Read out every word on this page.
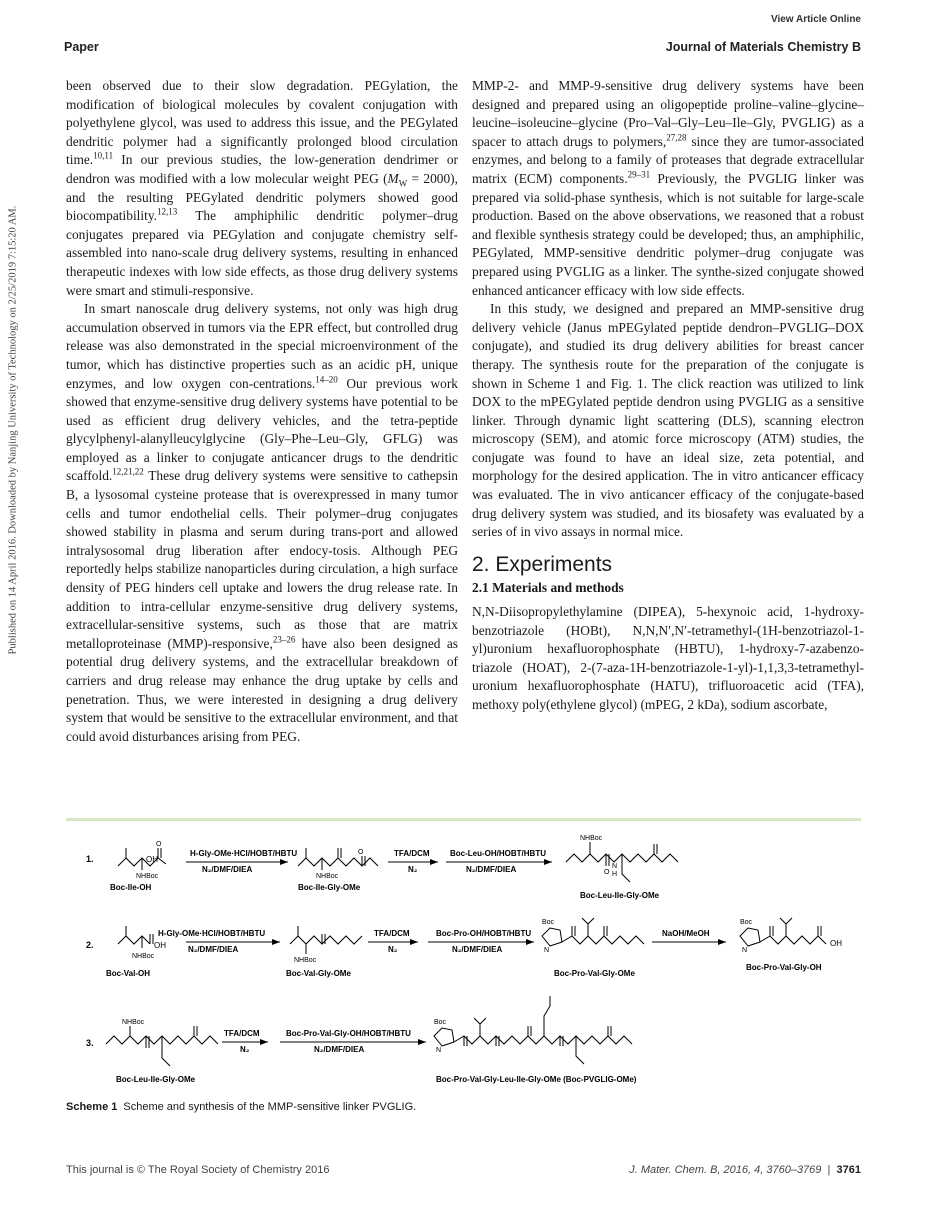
View Article Online
Paper	Journal of Materials Chemistry B
Published on 14 April 2016. Downloaded by Nanjing University of Technology on 2/25/2019 7:15:20 AM.

been observed due to their slow degradation. PEGylation, the modification of biological molecules by covalent conjugation with polyethylene glycol, was used to address this issue, and the PEGylated dendritic polymer had a significantly prolonged blood circulation time.$^{10,11}$ In our previous studies, the low-generation dendrimer or dendron was modified with a low molecular weight PEG $(M_W = 2000)$, and the resulting PEGylated dendritic polymers showed good biocompatibility.$^{12,13}$ The amphiphilic dendritic polymer–drug conjugates prepared via PEGylation and conjugate chemistry self-assembled into nano-scale drug delivery systems, resulting in enhanced therapeutic indexes with low side effects, as those drug delivery systems were smart and stimuli-responsive.

In smart nanoscale drug delivery systems, not only was high drug accumulation observed in tumors via the EPR effect, but controlled drug release was also demonstrated in the special microenvironment of the tumor, which has distinctive properties such as an acidic pH, unique enzymes, and low oxygen con-centrations.$^{14-20}$ Our previous work showed that enzyme-sensitive drug delivery systems have potential to be used as efficient drug delivery vehicles, and the tetra-peptide glycylphenyl-alanylleucylglycine (Gly–Phe–Leu–Gly, GFLG) was employed as a linker to conjugate anticancer drugs to the dendritic scaffold.$^{12,21,22}$ These drug delivery systems were sensitive to cathepsin B, a lysosomal cysteine protease that is overexpressed in many tumor cells and tumor endothelial cells. Their polymer–drug conjugates showed stability in plasma and serum during trans-port and allowed intralysosomal drug liberation after endocy-tosis. Although PEG reportedly helps stabilize nanoparticles during circulation, a high surface density of PEG hinders cell uptake and lowers the drug release rate. In addition to intra-cellular enzyme-sensitive drug delivery systems, extracellular-sensitive systems, such as those that are matrix metalloproteinase (MMP)-responsive,$^{23-26}$ have also been designed as potential drug delivery systems, and the extracellular breakdown of carriers and drug release may enhance the drug uptake by cells and penetration. Thus, we were interested in designing a drug delivery system that would be sensitive to the extracellular environment, and that could avoid disturbances arising from PEG.

MMP-2- and MMP-9-sensitive drug delivery systems have been designed and prepared using an oligopeptide proline–valine–glycine–leucine–isoleucine–glycine (Pro–Val–Gly–Leu–Ile–Gly, PVGLIG) as a spacer to attach drugs to polymers,$^{27,28}$ since they are tumor-associated enzymes, and belong to a family of proteases that degrade extracellular matrix (ECM) components.$^{29-31}$ Previously, the PVGLIG linker was prepared via solid-phase synthesis, which is not suitable for large-scale production. Based on the above observations, we reasoned that a robust and flexible synthesis strategy could be developed; thus, an amphiphilic, PEGylated, MMP-sensitive dendritic polymer–drug conjugate was prepared using PVGLIG as a linker. The synthe-sized conjugate showed enhanced anticancer efficacy with low side effects.

In this study, we designed and prepared an MMP-sensitive drug delivery vehicle (Janus mPEGylated peptide dendron–PVGLIG–DOX conjugate), and studied its drug delivery abilities for breast cancer therapy. The synthesis route for the preparation of the conjugate is shown in Scheme 1 and Fig. 1. The click reaction was utilized to link DOX to the mPEGylated peptide dendron using PVGLIG as a sensitive linker. Through dynamic light scattering (DLS), scanning electron microscopy (SEM), and atomic force microscopy (ATM) studies, the conjugate was found to have an ideal size, zeta potential, and morphology for the desired application. The in vitro anticancer efficacy was evaluated. The in vivo anticancer efficacy of the conjugate-based drug delivery system was studied, and its biosafety was evaluated by a series of in vivo assays in normal mice.

2. Experiments
2.1 Materials and methods

N,N-Diisopropylethylamine (DIPEA), 5-hexynoic acid, 1-hydroxy-benzotriazole (HOBt), N,N,N′,N′-tetramethyl-(1H-benzotriazol-1-yl)uronium hexafluorophosphate (HBTU), 1-hydroxy-7-azabenzo-triazole (HOAT), 2-(7-aza-1H-benzotriazole-1-yl)-1,1,3,3-tetramethyl-uronium hexafluorophosphate (HATU), trifluoroacetic acid (TFA), methoxy poly(ethylene glycol) (mPEG, 2 kDa), sodium ascorbate,

1.	OH
NHBoc
Boc-Ile-OH
H-Gly-OMe·HCl/HOBT/HBTU
N₂/DMF/DIEA
NHBoc
Boc-Ile-Gly-OMe
TFA/DCM
N₂
Boc-Leu-OH/HOBT/HBTU
N₂/DMF/DIEA
NHBoc
Boc-Leu-Ile-Gly-OMe
2.	OH
NHBoc
Boc-Val-OH
H-Gly-OMe·HCl/HOBT/HBTU
N₂/DMF/DIEA
NHBoc
Boc-Val-Gly-OMe
TFA/DCM
N₂
Boc-Pro-OH/HOBT/HBTU
N₂/DMF/DIEA
Boc
Boc-Pro-Val-Gly-OMe
NaOH/MeOH
Boc
OH
Boc-Pro-Val-Gly-OH
3.
NHBoc
Boc-Leu-Ile-Gly-OMe
TFA/DCM
N₂
Boc-Pro-Val-Gly-OH/HOBT/HBTU
N₂/DMF/DIEA
Boc
Boc-Pro-Val-Gly-Leu-Ile-Gly-OMe (Boc-PVGLIG-OMe)
O
O
O
N
H
N	N
N
Scheme 1 Scheme and synthesis of the MMP-sensitive linker PVGLIG.
This journal is © The Royal Society of Chemistry 2016	J. Mater. Chem. B, 2016, 4, 3760–3769  |  3761
